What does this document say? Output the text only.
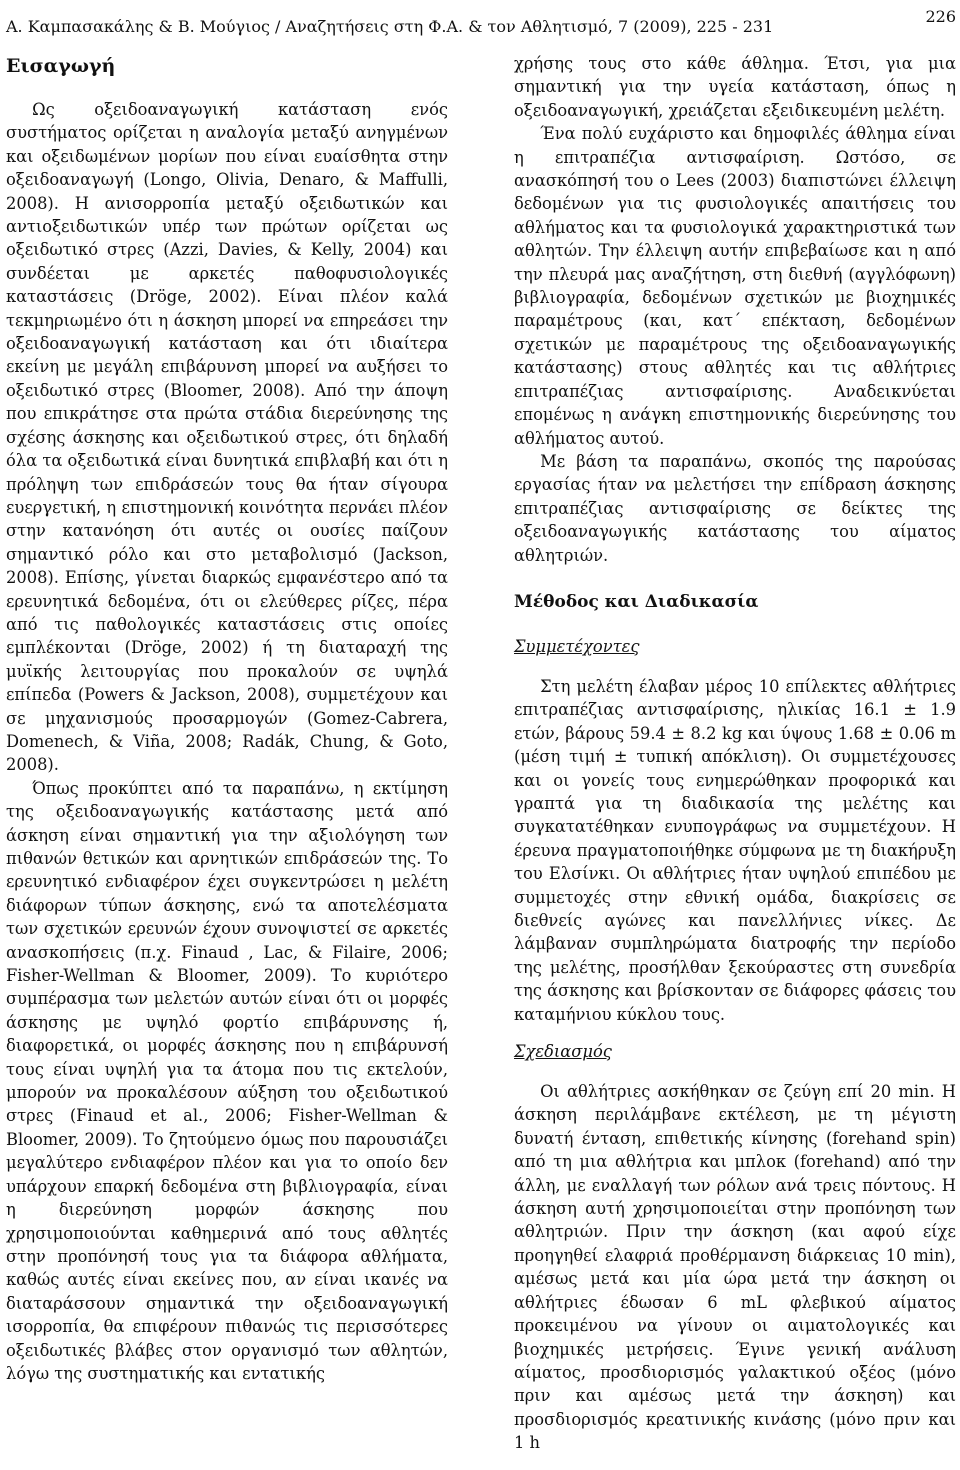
Α. Καμπασακάλης & Β. Μούγιος / Αναζητήσεις στη Φ.Α. & τον Αθλητισμό, 7 (2009), 225 - 231
226
Εισαγωγή

Ως οξειδοαναγωγική κατάσταση ενός συστήματος ορίζεται η αναλογία μεταξύ ανηγμένων και οξειδωμένων μορίων που είναι ευαίσθητα στην οξειδοαναγωγή (Longo, Olivia, Denaro, & Maffulli, 2008). Η ανισορροπία μεταξύ οξειδωτικών και αντιοξειδωτικών υπέρ των πρώτων ορίζεται ως οξειδωτικό στρες (Azzi, Davies, & Kelly, 2004) και συνδέεται με αρκετές παθοφυσιολογικές καταστάσεις (Dröge, 2002). Είναι πλέον καλά τεκμηριωμένο ότι η άσκηση μπορεί να επηρεάσει την οξειδοαναγωγική κατάσταση και ότι ιδιαίτερα εκείνη με μεγάλη επιβάρυνση μπορεί να αυξήσει το οξειδωτικό στρες (Bloomer, 2008). Από την άποψη που επικράτησε στα πρώτα στάδια διερεύνησης της σχέσης άσκησης και οξειδωτικού στρες, ότι δηλαδή όλα τα οξειδωτικά είναι δυνητικά επιβλαβή και ότι η πρόληψη των επιδράσεών τους θα ήταν σίγουρα ευεργετική, η επιστημονική κοινότητα περνάει πλέον στην κατανόηση ότι αυτές οι ουσίες παίζουν σημαντικό ρόλο και στο μεταβολισμό (Jackson, 2008). Επίσης, γίνεται διαρκώς εμφανέστερο από τα ερευνητικά δεδομένα, ότι οι ελεύθερες ρίζες, πέρα από τις παθολογικές καταστάσεις στις οποίες εμπλέκονται (Dröge, 2002) ή τη διαταραχή της μυϊκής λειτουργίας που προκαλούν σε υψηλά επίπεδα (Powers & Jackson, 2008), συμμετέχουν και σε μηχανισμούς προσαρμογών (Gomez-Cabrera, Domenech, & Viña, 2008; Radák, Chung, & Goto, 2008).

Όπως προκύπτει από τα παραπάνω, η εκτίμηση της οξειδοαναγωγικής κατάστασης μετά από άσκηση είναι σημαντική για την αξιολόγηση των πιθανών θετικών και αρνητικών επιδράσεών της. Το ερευνητικό ενδιαφέρον έχει συγκεντρώσει η μελέτη διάφορων τύπων άσκησης, ενώ τα αποτελέσματα των σχετικών ερευνών έχουν συνοψιστεί σε αρκετές ανασκοπήσεις (π.χ. Finaud , Lac, & Filaire, 2006; Fisher-Wellman & Bloomer, 2009). Το κυριότερο συμπέρασμα των μελετών αυτών είναι ότι οι μορφές άσκησης με υψηλό φορτίο επιβάρυνσης ή, διαφορετικά, οι μορφές άσκησης που η επιβάρυνσή τους είναι υψηλή για τα άτομα που τις εκτελούν, μπορούν να προκαλέσουν αύξηση του οξειδωτικού στρες (Finaud et al., 2006; Fisher-Wellman & Bloomer, 2009). Το ζητούμενο όμως που παρουσιάζει μεγαλύτερο ενδιαφέρον πλέον και για το οποίο δεν υπάρχουν επαρκή δεδομένα στη βιβλιογραφία, είναι η διερεύνηση μορφών άσκησης που χρησιμοποιούνται καθημερινά από τους αθλητές στην προπόνησή τους για τα διάφορα αθλήματα, καθώς αυτές είναι εκείνες που, αν είναι ικανές να διαταράσσουν σημαντικά την οξειδοαναγωγική ισορροπία, θα επιφέρουν πιθανώς τις περισσότερες οξειδωτικές βλάβες στον οργανισμό των αθλητών, λόγω της συστηματικής και εντατικής

χρήσης τους στο κάθε άθλημα. Έτσι, για μια σημαντική για την υγεία κατάσταση, όπως η οξειδοαναγωγική, χρειάζεται εξειδικευμένη μελέτη.

Ένα πολύ ευχάριστο και δημοφιλές άθλημα είναι η επιτραπέζια αντισφαίριση. Ωστόσο, σε ανασκόπησή του ο Lees (2003) διαπιστώνει έλλειψη δεδομένων για τις φυσιολογικές απαιτήσεις του αθλήματος και τα φυσιολογικά χαρακτηριστικά των αθλητών. Την έλλειψη αυτήν επιβεβαίωσε και η από την πλευρά μας αναζήτηση, στη διεθνή (αγγλόφωνη) βιβλιογραφία, δεδομένων σχετικών με βιοχημικές παραμέτρους (και, κατ΄ επέκταση, δεδομένων σχετικών με παραμέτρους της οξειδοαναγωγικής κατάστασης) στους αθλητές και τις αθλήτριες επιτραπέζιας αντισφαίρισης. Αναδεικνύεται επομένως η ανάγκη επιστημονικής διερεύνησης του αθλήματος αυτού.

Με βάση τα παραπάνω, σκοπός της παρούσας εργασίας ήταν να μελετήσει την επίδραση άσκησης επιτραπέζιας αντισφαίρισης σε δείκτες της οξειδοαναγωγικής κατάστασης του αίματος αθλητριών.

Μέθοδος και Διαδικασία
Συμμετέχοντες

Στη μελέτη έλαβαν μέρος 10 επίλεκτες αθλήτριες επιτραπέζιας αντισφαίρισης, ηλικίας 16.1 ± 1.9 ετών, βάρους 59.4 ± 8.2 kg και ύψους 1.68 ± 0.06 m (μέση τιμή ± τυπική απόκλιση). Οι συμμετέχουσες και οι γονείς τους ενημερώθηκαν προφορικά και γραπτά για τη διαδικασία της μελέτης και συγκατατέθηκαν ενυπογράφως να συμμετέχουν. Η έρευνα πραγματοποιήθηκε σύμφωνα με τη διακήρυξη του Ελσίνκι. Οι αθλήτριες ήταν υψηλού επιπέδου με συμμετοχές στην εθνική ομάδα, διακρίσεις σε διεθνείς αγώνες και πανελλήνιες νίκες. Δε λάμβαναν συμπληρώματα διατροφής την περίοδο της μελέτης, προσήλθαν ξεκούραστες στη συνεδρία της άσκησης και βρίσκονταν σε διάφορες φάσεις του καταμήνιου κύκλου τους.

Σχεδιασμός

Οι αθλήτριες ασκήθηκαν σε ζεύγη επί 20 min. Η άσκηση περιλάμβανε εκτέλεση, με τη μέγιστη δυνατή ένταση, επιθετικής κίνησης (forehand spin) από τη μια αθλήτρια και μπλοκ (forehand) από την άλλη, με εναλλαγή των ρόλων ανά τρεις πόντους. Η άσκηση αυτή χρησιμοποιείται στην προπόνηση των αθλητριών. Πριν την άσκηση (και αφού είχε προηγηθεί ελαφριά προθέρμανση διάρκειας 10 min), αμέσως μετά και μία ώρα μετά την άσκηση οι αθλήτριες έδωσαν 6 mL φλεβικού αίματος προκειμένου να γίνουν οι αιματολογικές και βιοχημικές μετρήσεις. Έγινε γενική ανάλυση αίματος, προσδιορισμός γαλακτικού οξέος (μόνο πριν και αμέσως μετά την άσκηση) και προσδιορισμός κρεατινικής κινάσης (μόνο πριν και 1 h
